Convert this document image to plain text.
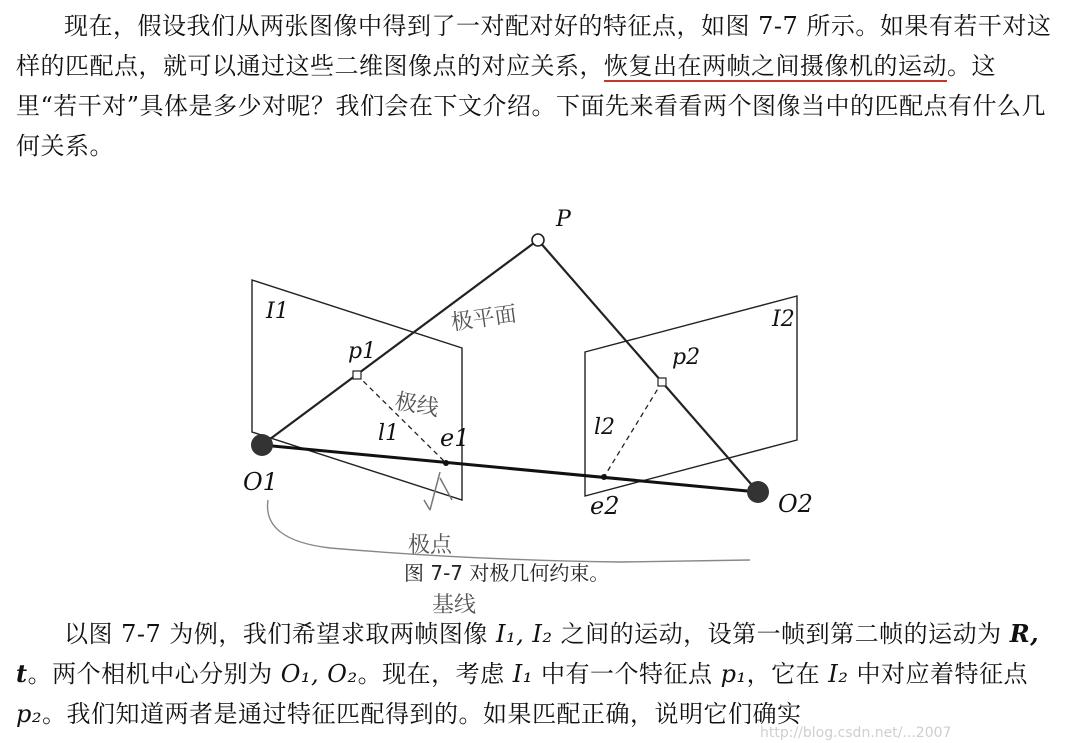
现在，假设我们从两张图像中得到了一对配对好的特征点，如图 7-7 所示。如果有若干对这样的匹配点，就可以通过这些二维图像点的对应关系，恢复出在两帧之间摄像机的运动。这里“若干对”具体是多少对呢？我们会在下文介绍。下面先来看看两个图像当中的匹配点有什么几何关系。

P
I1	I2
p1	p2
l1	l2
e1
e2
O1
O2
极平面
极线
极点
基线
图 7-7 对极几何约束。
http://blog.csdn.net/...2007

以图 7-7 为例，我们希望求取两帧图像 I₁, I₂ 之间的运动，设第一帧到第二帧的运动为 R, t。两个相机中心分别为 O₁, O₂。现在，考虑 I₁ 中有一个特征点 p₁，它在 I₂ 中对应着特征点 p₂。我们知道两者是通过特征匹配得到的。如果匹配正确，说明它们确实
